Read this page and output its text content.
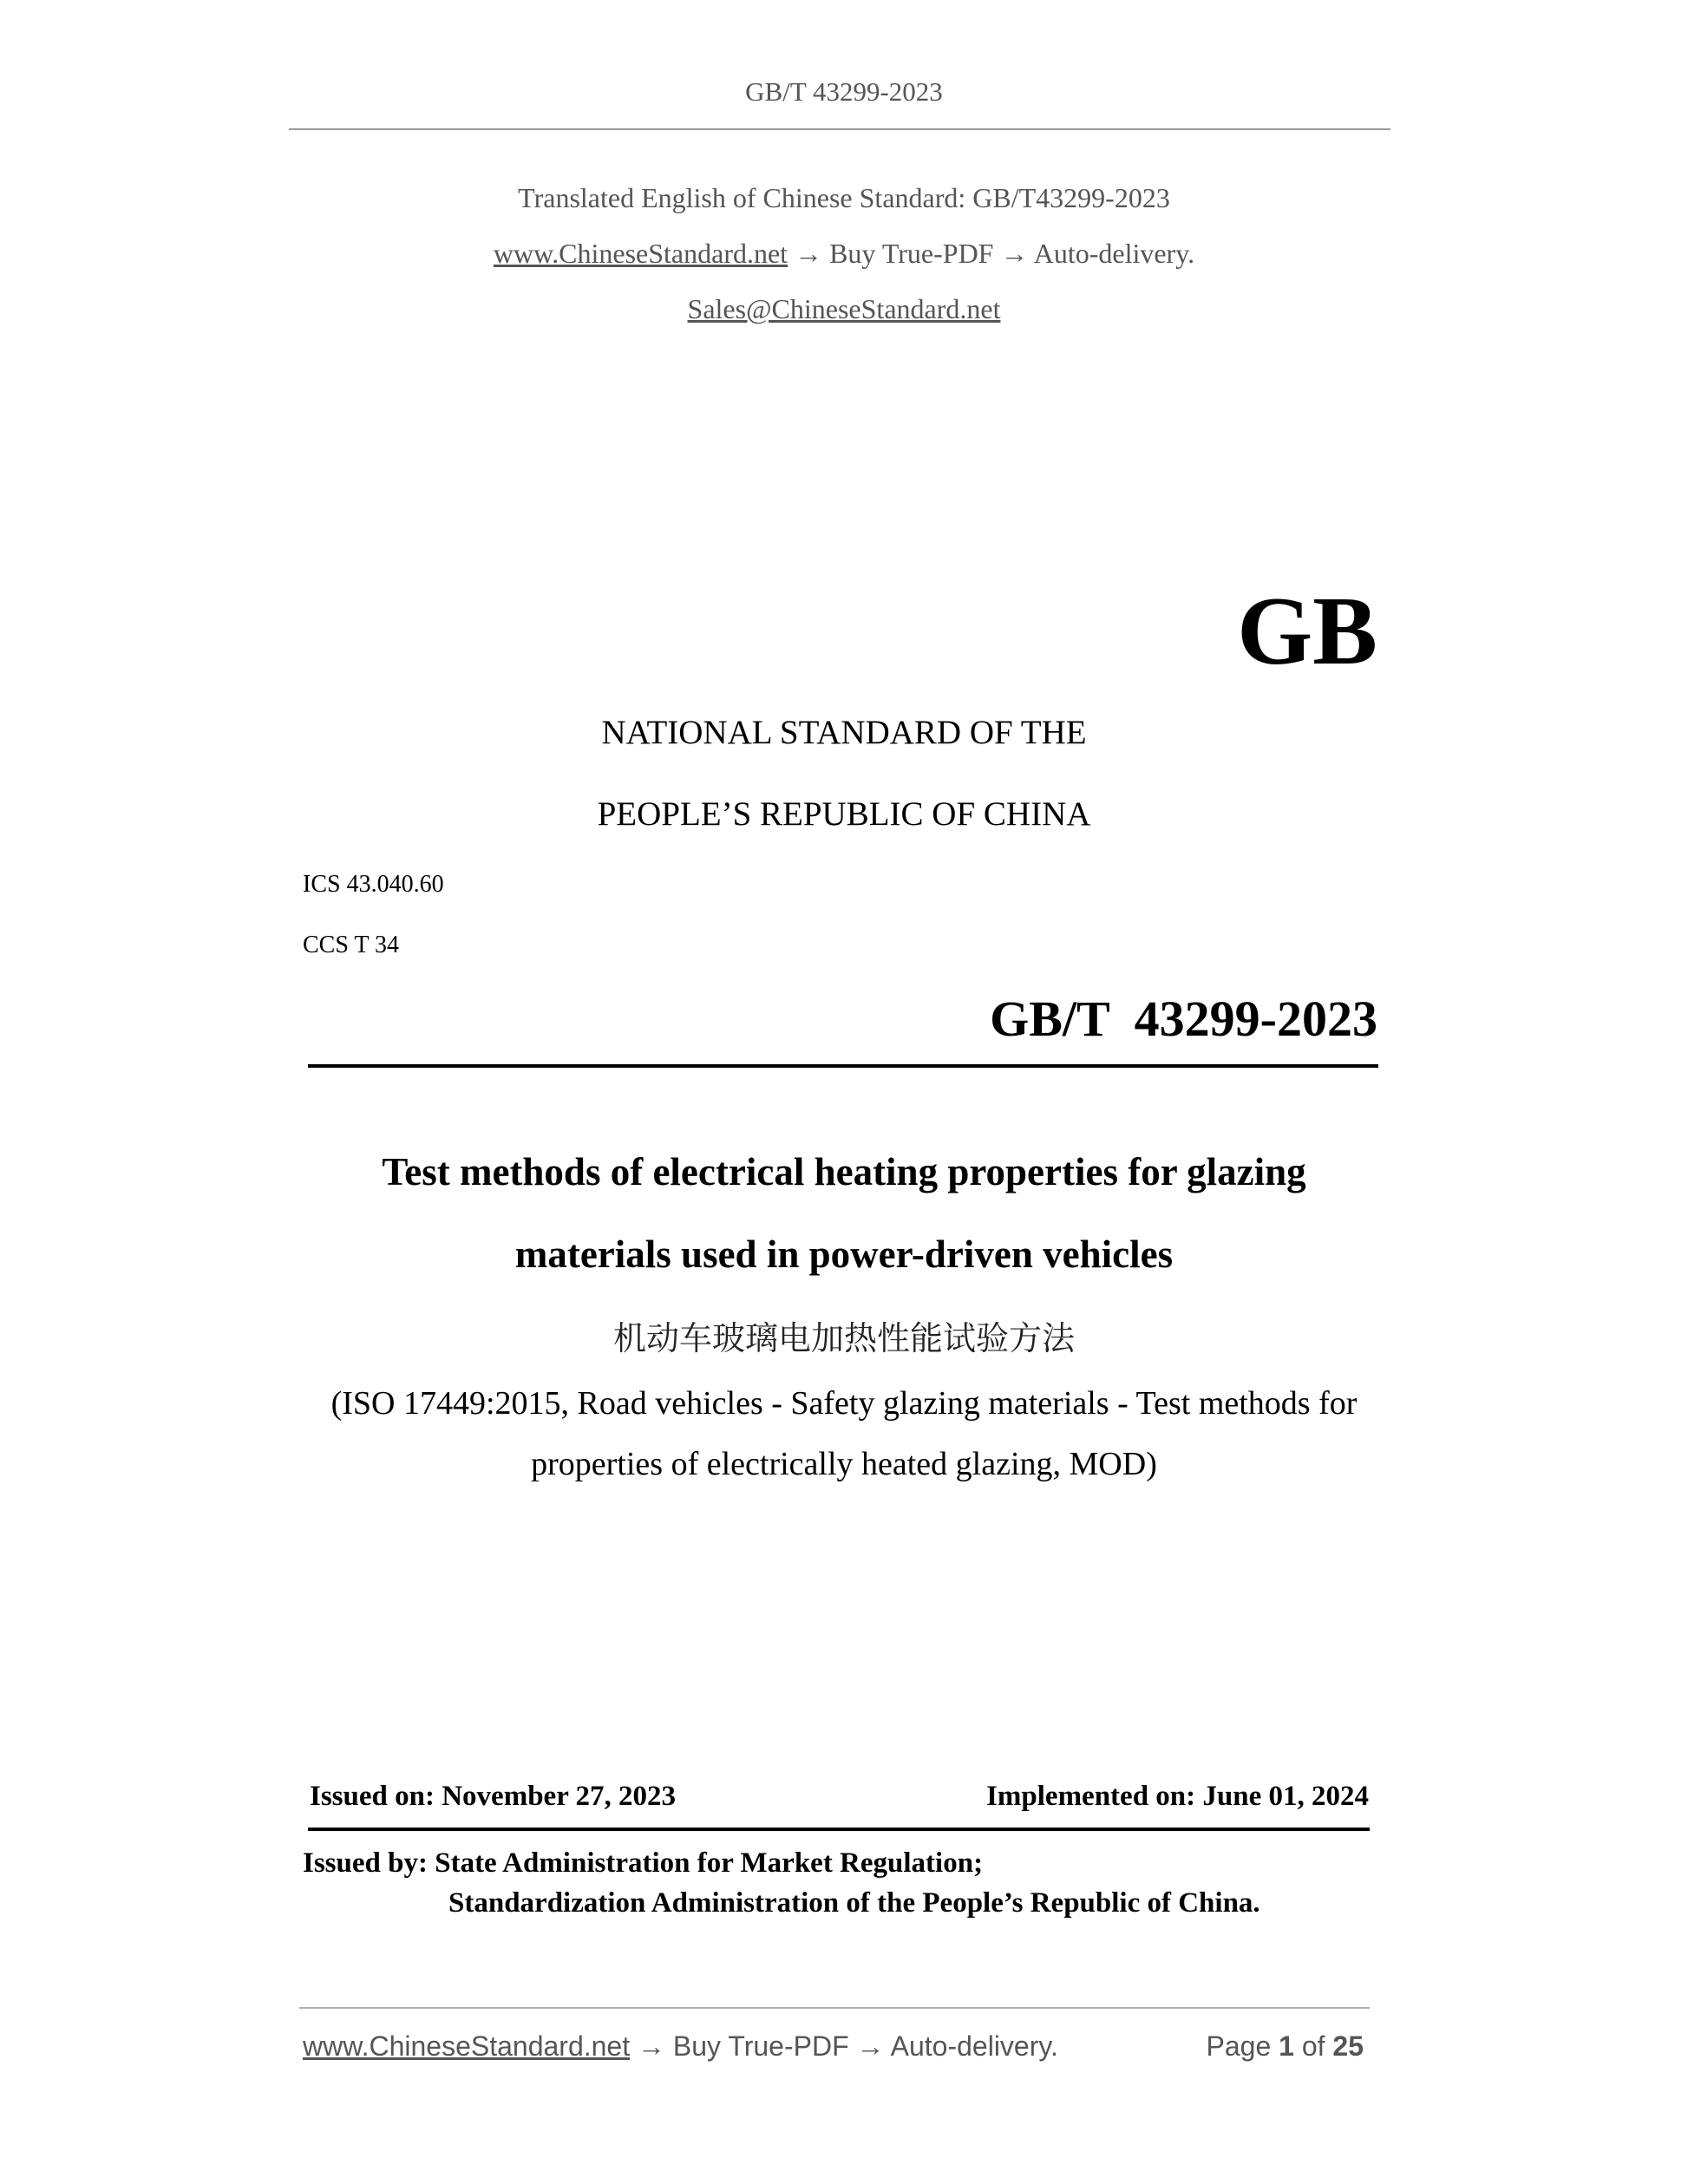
GB/T 43299-2023
Translated English of Chinese Standard: GB/T43299-2023
www.ChineseStandard.net → Buy True-PDF → Auto-delivery.
Sales@ChineseStandard.net
GB
NATIONAL STANDARD OF THE
PEOPLE’S REPUBLIC OF CHINA
ICS 43.040.60
CCS T 34
GB/T  43299-2023
Test methods of electrical heating properties for glazing
materials used in power-driven vehicles
机动车玻璃电加热性能试验方法
(ISO 17449:2015, Road vehicles - Safety glazing materials - Test methods for
properties of electrically heated glazing, MOD)
Issued on: November 27, 2023	Implemented on: June 01, 2024
Issued by: State Administration for Market Regulation;
Standardization Administration of the People’s Republic of China.
www.ChineseStandard.net → Buy True-PDF → Auto-delivery.	Page 1 of 25
